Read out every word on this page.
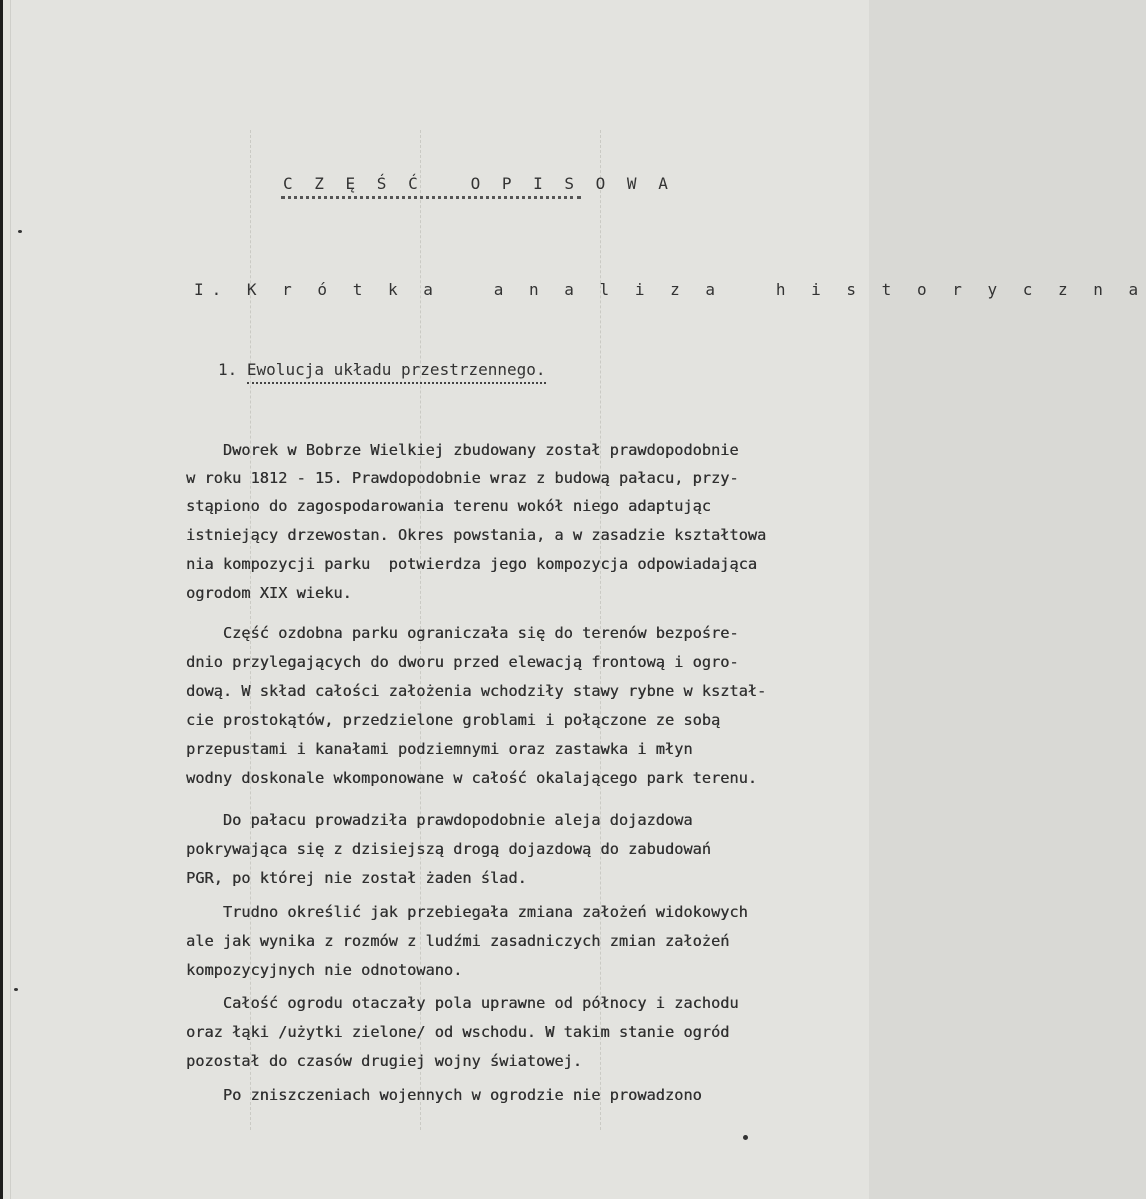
C Z Ę Ś Ć   O P I S O W A
I. K r ó t k a   a n a l i z a   h i s t o r y c z n a
1. Ewolucja układu przestrzennego.
Dworek w Bobrze Wielkiej zbudowany został prawdopodobnie
w roku 1812 - 15. Prawdopodobnie wraz z budową pałacu, przy-
stąpiono do zagospodarowania terenu wokół niego adaptując
istniejący drzewostan. Okres powstania, a w zasadzie kształtowa
nia kompozycji parku  potwierdza jego kompozycja odpowiadająca
ogrodom XIX wieku.
Część ozdobna parku ograniczała się do terenów bezpośre-
dnio przylegających do dworu przed elewacją frontową i ogro-
dową. W skład całości założenia wchodziły stawy rybne w kształ-
cie prostokątów, przedzielone groblami i połączone ze sobą
przepustami i kanałami podziemnymi oraz zastawka i młyn
wodny doskonale wkomponowane w całość okalającego park terenu.
Do pałacu prowadziła prawdopodobnie aleja dojazdowa
pokrywająca się z dzisiejszą drogą dojazdową do zabudowań
PGR, po której nie został żaden ślad.
Trudno określić jak przebiegała zmiana założeń widokowych
ale jak wynika z rozmów z ludźmi zasadniczych zmian założeń
kompozycyjnych nie odnotowano.
Całość ogrodu otaczały pola uprawne od północy i zachodu
oraz łąki /użytki zielone/ od wschodu. W takim stanie ogród
pozostał do czasów drugiej wojny światowej.
Po zniszczeniach wojennych w ogrodzie nie prowadzono
